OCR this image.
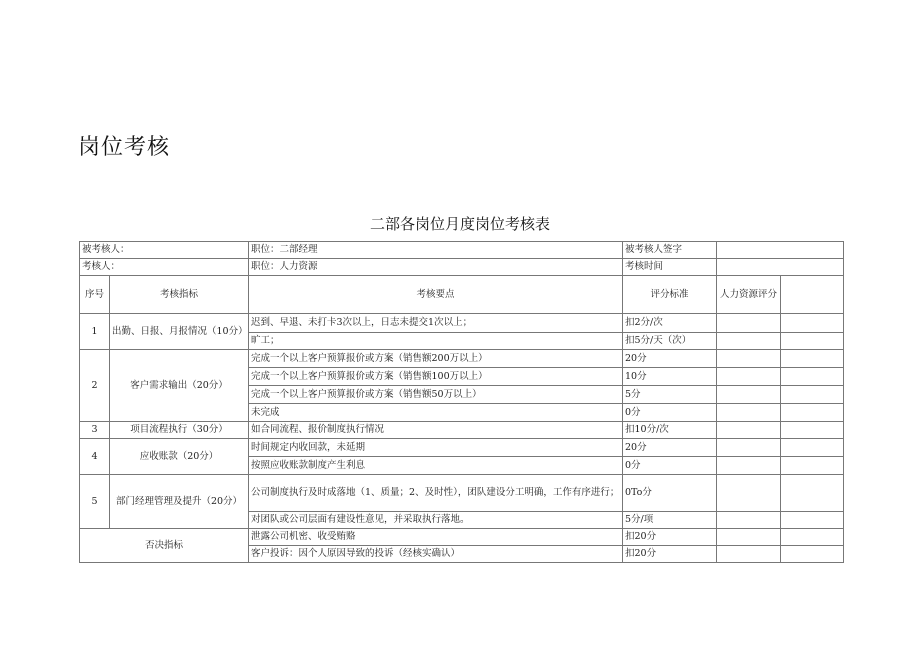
岗位考核
二部各岗位月度岗位考核表
被考核人：		职位：二部经理	被考核人签字		
考核人：		职位：人力资源	考核时间		
序号	考核指标	考核要点	评分标准	人力资源评分	
1	出勤、日报、月报情况（10分）	迟到、早退、未打卡3次以上，日志未提交1次以上；	扣2分/次		
		旷工；	扣5分/天（次）		
2	客户需求输出（20分）	完成一个以上客户预算报价或方案（销售额200万以上）	20分		
		完成一个以上客户预算报价或方案（销售额100万以上）	10分		
		完成一个以上客户预算报价或方案（销售额50万以上）	5分		
		未完成	0分		
3	项目流程执行（30分）	如合同流程、报价制度执行情况	扣10分/次		
4	应收账款（20分）	时间规定内收回款，未延期	20分		
		按照应收账款制度产生利息	0分		
5	部门经理管理及提升（20分）	公司制度执行及时成落地（1、质量；2、及时性），团队建设分工明确，工作有序进行；	0To分		
		对团队或公司层面有建设性意见，并采取执行落地。	5分/项		
否决指标		泄露公司机密、收受贿赂	扣20分		
		客户投诉：因个人原因导致的投诉（经核实确认）	扣20分		
